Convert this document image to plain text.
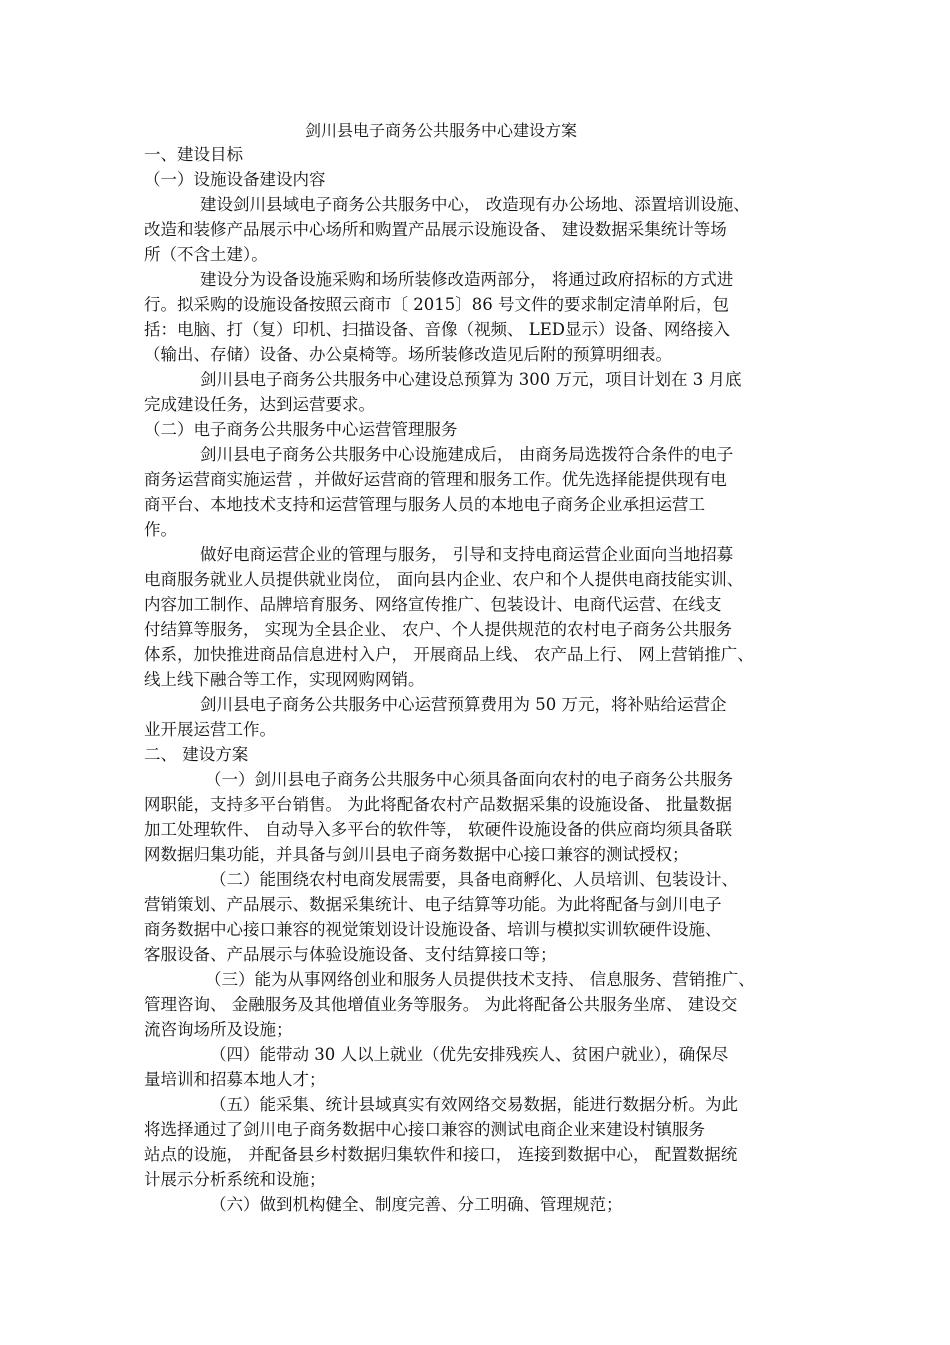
剑川县电子商务公共服务中心建设方案
一、建设目标
（一）设施设备建设内容
建设剑川县域电子商务公共服务中心， 改造现有办公场地、添置培训设施、
改造和装修产品展示中心场所和购置产品展示设施设备、 建设数据采集统计等场
所（不含土建）。
建设分为设备设施采购和场所装修改造两部分， 将通过政府招标的方式进
行。拟采购的设施设备按照云商市〔 2015〕86 号文件的要求制定清单附后，包
括：电脑、打（复）印机、扫描设备、音像（视频、 LED显示）设备、网络接入
（输出、存储）设备、办公桌椅等。场所装修改造见后附的预算明细表。
剑川县电子商务公共服务中心建设总预算为 300 万元，项目计划在 3 月底
完成建设任务，达到运营要求。
（二）电子商务公共服务中心运营管理服务
剑川县电子商务公共服务中心设施建成后， 由商务局选拨符合条件的电子
商务运营商实施运营 ，并做好运营商的管理和服务工作。优先选择能提供现有电
商平台、本地技术支持和运营管理与服务人员的本地电子商务企业承担运营工
作。
做好电商运营企业的管理与服务， 引导和支持电商运营企业面向当地招募
电商服务就业人员提供就业岗位， 面向县内企业、农户和个人提供电商技能实训、
内容加工制作、品牌培育服务、网络宣传推广、包装设计、电商代运营、在线支
付结算等服务， 实现为全县企业、 农户、个人提供规范的农村电子商务公共服务
体系，加快推进商品信息进村入户， 开展商品上线、 农产品上行、 网上营销推广、
线上线下融合等工作，实现网购网销。
剑川县电子商务公共服务中心运营预算费用为 50 万元，将补贴给运营企
业开展运营工作。
二、 建设方案
（一）剑川县电子商务公共服务中心须具备面向农村的电子商务公共服务
网职能，支持多平台销售。 为此将配备农村产品数据采集的设施设备、 批量数据
加工处理软件、 自动导入多平台的软件等， 软硬件设施设备的供应商均须具备联
网数据归集功能，并具备与剑川县电子商务数据中心接口兼容的测试授权；
（二）能围绕农村电商发展需要，具备电商孵化、人员培训、包装设计、
营销策划、产品展示、数据采集统计、电子结算等功能。为此将配备与剑川电子
商务数据中心接口兼容的视觉策划设计设施设备、培训与模拟实训软硬件设施、
客服设备、产品展示与体验设施设备、支付结算接口等；
（三）能为从事网络创业和服务人员提供技术支持、 信息服务、营销推广、
管理咨询、 金融服务及其他增值业务等服务。 为此将配备公共服务坐席、 建设交
流咨询场所及设施；
（四）能带动 30 人以上就业（优先安排残疾人、贫困户就业），确保尽
量培训和招募本地人才；
（五）能采集、统计县域真实有效网络交易数据，能进行数据分析。为此
将选择通过了剑川电子商务数据中心接口兼容的测试电商企业来建设村镇服务
站点的设施， 并配备县乡村数据归集软件和接口， 连接到数据中心， 配置数据统
计展示分析系统和设施；
（六）做到机构健全、制度完善、分工明确、管理规范；
